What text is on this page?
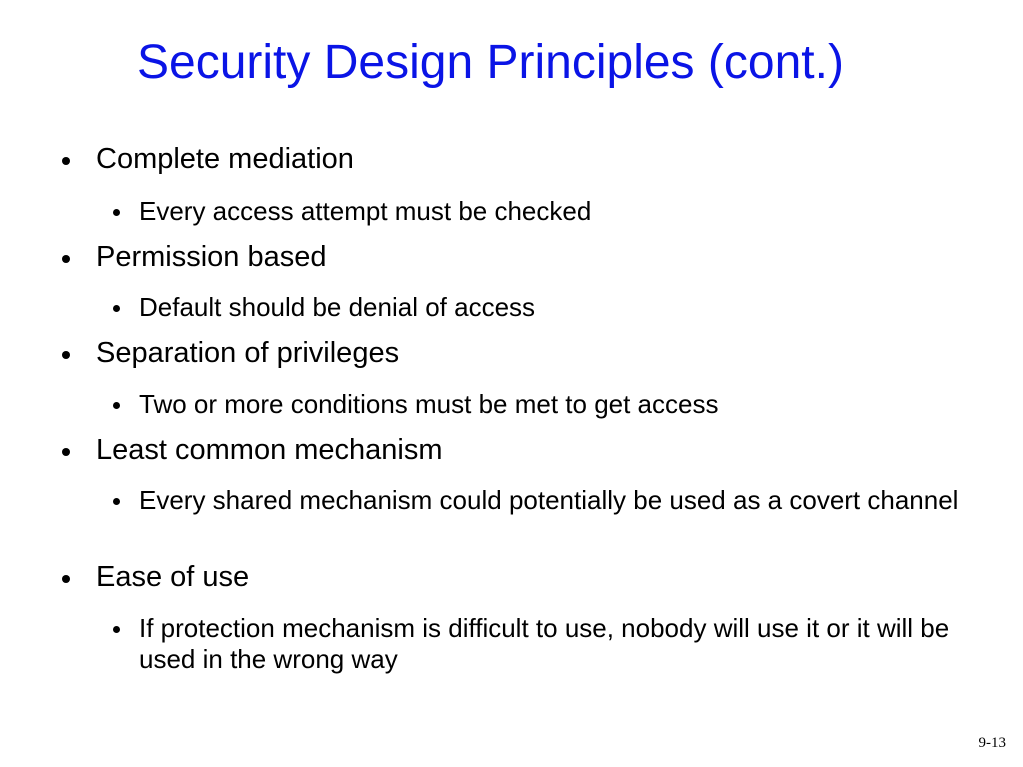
Security Design Principles (cont.)
Complete mediation
Every access attempt must be checked
Permission based
Default should be denial of access
Separation of privileges
Two or more conditions must be met to get access
Least common mechanism
Every shared mechanism could potentially be used as a covert channel
Ease of use
If protection mechanism is difficult to use, nobody will use it or it will be used in the wrong way
9-13
